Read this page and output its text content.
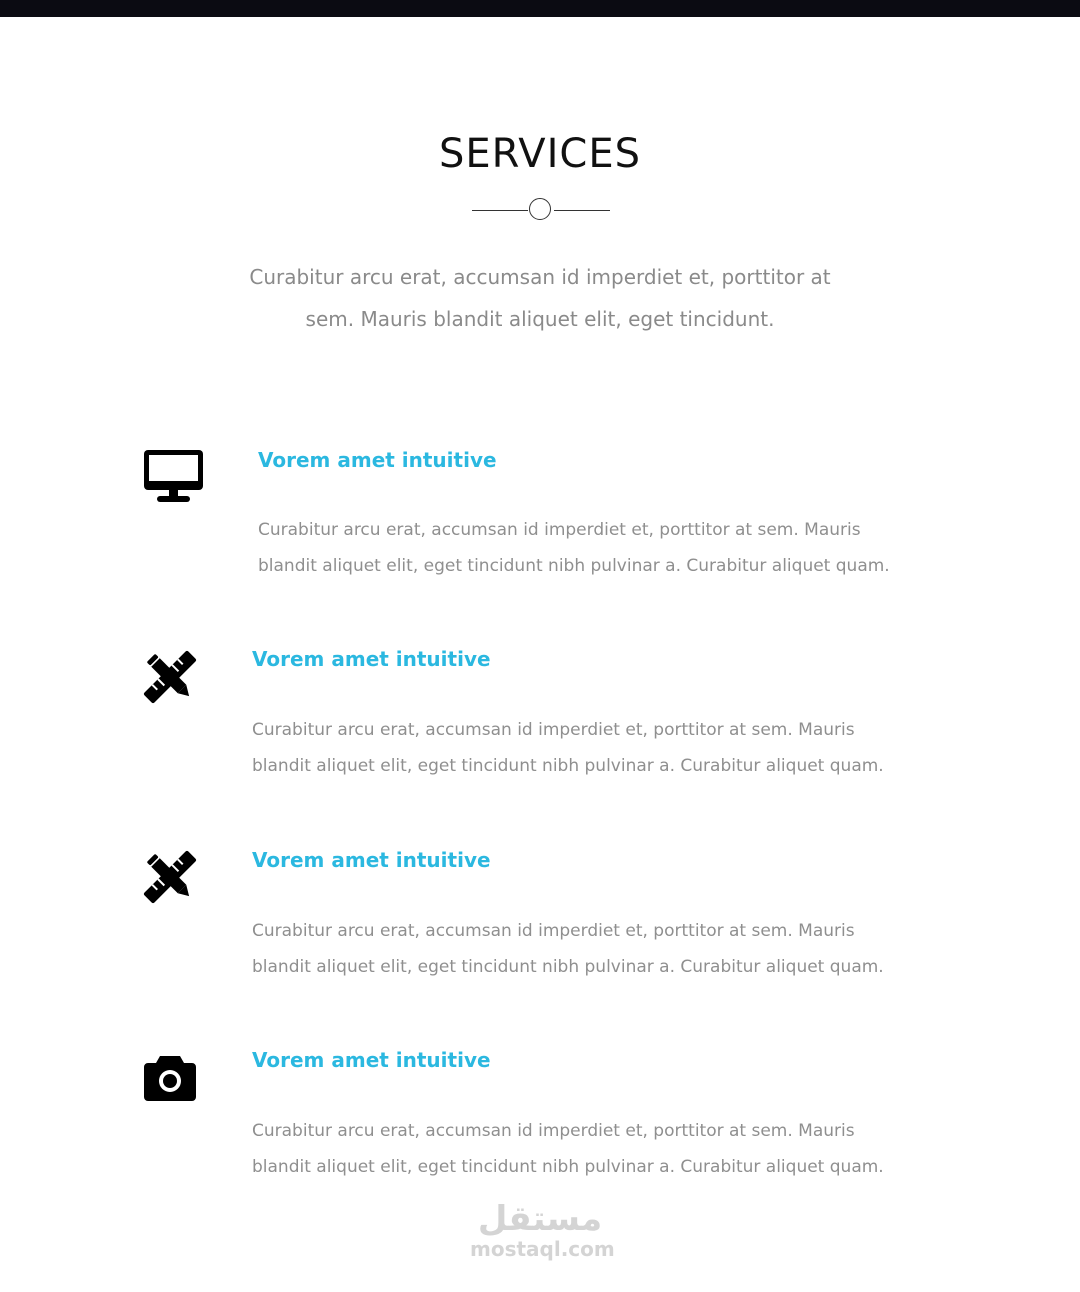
SERVICES

Curabitur arcu erat, accumsan id imperdiet et, porttitor at sem. Mauris blandit aliquet elit, eget tincidunt.

Vorem amet intuitive

Curabitur arcu erat, accumsan id imperdiet et, porttitor at sem. Mauris blandit aliquet elit, eget tincidunt nibh pulvinar a. Curabitur aliquet quam.

Vorem amet intuitive

Curabitur arcu erat, accumsan id imperdiet et, porttitor at sem. Mauris blandit aliquet elit, eget tincidunt nibh pulvinar a. Curabitur aliquet quam.

Vorem amet intuitive

Curabitur arcu erat, accumsan id imperdiet et, porttitor at sem. Mauris blandit aliquet elit, eget tincidunt nibh pulvinar a. Curabitur aliquet quam.

Vorem amet intuitive

Curabitur arcu erat, accumsan id imperdiet et, porttitor at sem. Mauris blandit aliquet elit, eget tincidunt nibh pulvinar a. Curabitur aliquet quam.

مستقل
mostaql.com
